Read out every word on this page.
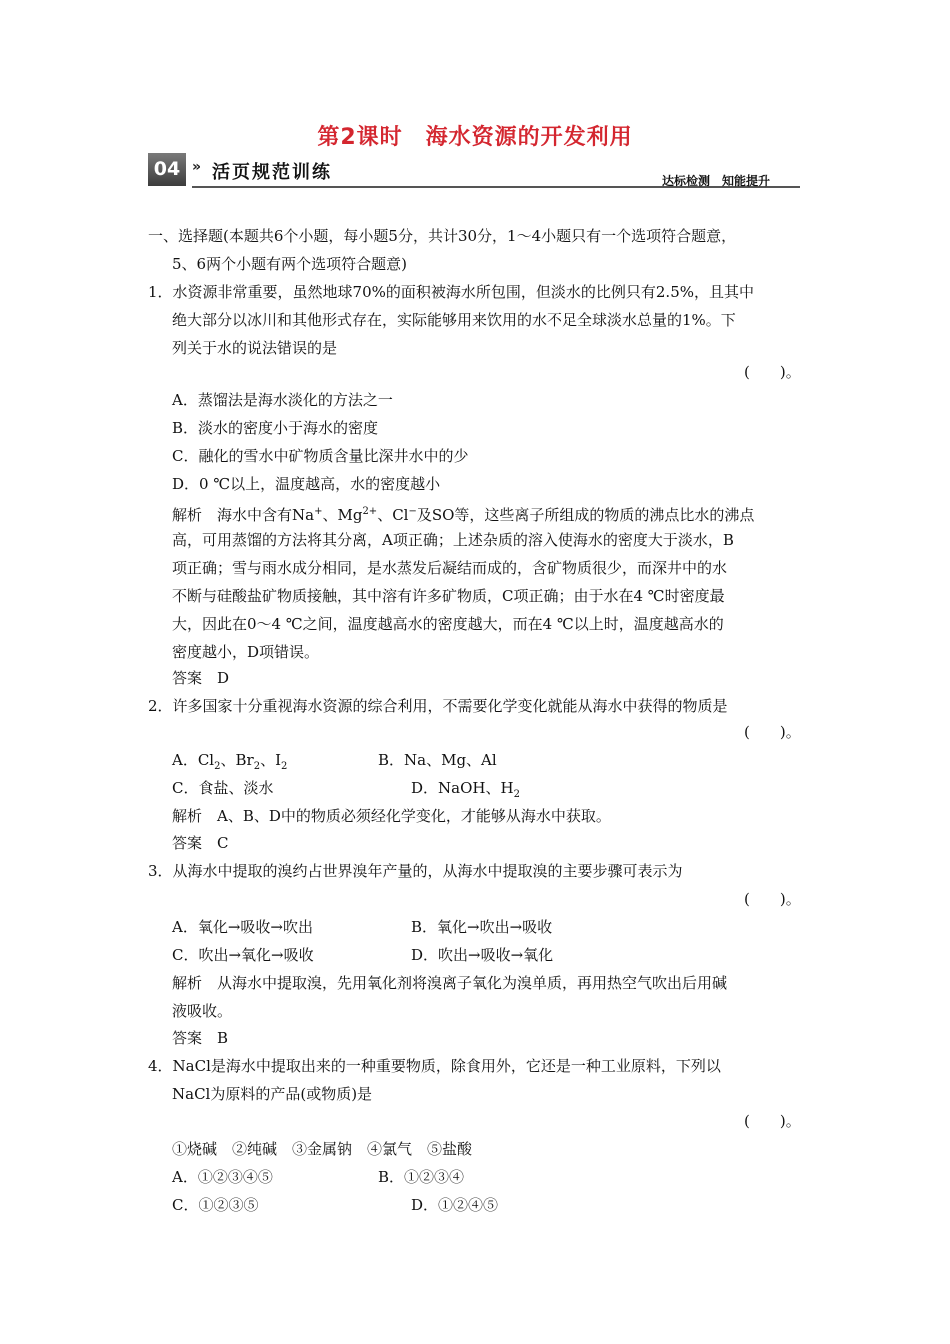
第2课时　海水资源的开发利用
04 » 活页规范训练	达标检测　知能提升
一、选择题(本题共6个小题，每小题5分，共计30分，1～4小题只有一个选项符合题意，
5、6两个小题有两个选项符合题意)
1．水资源非常重要，虽然地球70%的面积被海水所包围，但淡水的比例只有2.5%，且其中
绝大部分以冰川和其他形式存在，实际能够用来饮用的水不足全球淡水总量的1%。下
列关于水的说法错误的是
(　　)。
A．蒸馏法是海水淡化的方法之一
B．淡水的密度小于海水的密度
C．融化的雪水中矿物质含量比深井水中的少
D．0 ℃以上，温度越高，水的密度越小
解析　海水中含有Na+、$Mg^{2+}$、Cl−及SO等，这些离子所组成的物质的沸点比水的沸点
高，可用蒸馏的方法将其分离，A项正确；上述杂质的溶入使海水的密度大于淡水，B
项正确；雪与雨水成分相同，是水蒸发后凝结而成的，含矿物质很少，而深井中的水
不断与硅酸盐矿物质接触，其中溶有许多矿物质，C项正确；由于水在4 ℃时密度最
大，因此在0～4 ℃之间，温度越高水的密度越大，而在4 ℃以上时，温度越高水的
密度越小，D项错误。
答案　D
2．许多国家十分重视海水资源的综合利用，不需要化学变化就能从海水中获得的物质是
(　　)。
A．$Cl_2$、$Br_2$、$I_2$	B．Na、Mg、Al
C．食盐、淡水	D．NaOH、$H_2$
解析　A、B、D中的物质必须经化学变化，才能够从海水中获取。
答案　C
3．从海水中提取的溴约占世界溴年产量的，从海水中提取溴的主要步骤可表示为
(　　)。
A．氧化→吸收→吹出	B．氧化→吹出→吸收
C．吹出→氧化→吸收	D．吹出→吸收→氧化
解析　从海水中提取溴，先用氧化剂将溴离子氧化为溴单质，再用热空气吹出后用碱
液吸收。
答案　B
4．NaCl是海水中提取出来的一种重要物质，除食用外，它还是一种工业原料，下列以
NaCl为原料的产品(或物质)是
(　　)。
①烧碱　②纯碱　③金属钠　④氯气　⑤盐酸
A．①②③④⑤	B．①②③④
C．①②③⑤	D．①②④⑤
